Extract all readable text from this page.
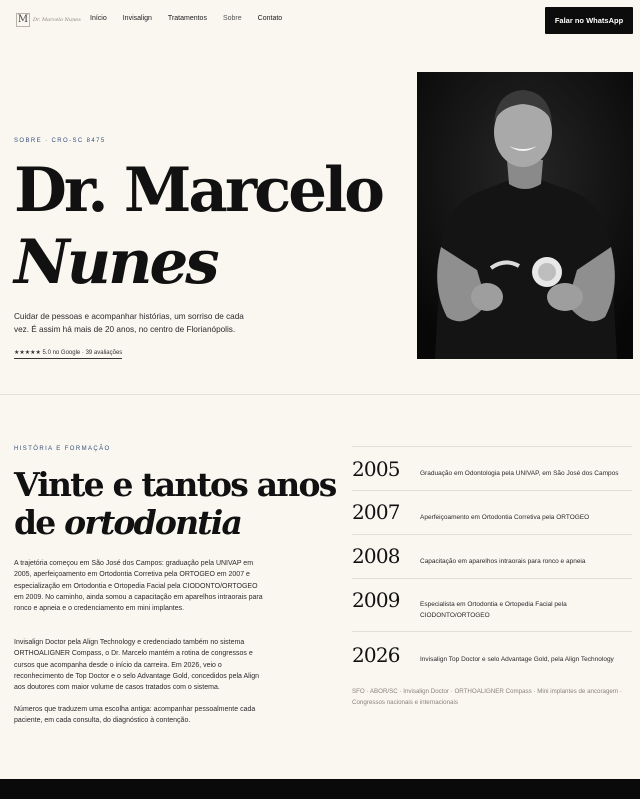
M Dr. Marcelo Nunes Início Invisalign Tratamentos Sobre Contato	Falar no WhatsApp
SOBRE · CRO-SC 8475
Dr. Marcelo
Nunes

Cuidar de pessoas e acompanhar histórias, um sorriso de cada vez. É assim há mais de 20 anos, no centro de Florianópolis.

★★★★★ 5.0 no Google · 39 avaliações
HISTÓRIA E FORMAÇÃO
Vinte e tantos anos
de ortodontia

A trajetória começou em São José dos Campos: graduação pela UNIVAP em 2005, aperfeiçoamento em Ortodontia Corretiva pela ORTOGEO em 2007 e especialização em Ortodontia e Ortopedia Facial pela CIODONTO/ORTOGEO em 2009. No caminho, ainda somou a capacitação em aparelhos intraorais para ronco e apneia e o credenciamento em mini implantes.

Invisalign Doctor pela Align Technology e credenciado também no sistema ORTHOALIGNER Compass, o Dr. Marcelo mantém a rotina de congressos e cursos que acompanha desde o início da carreira. Em 2026, veio o reconhecimento de Top Doctor e o selo Advantage Gold, concedidos pela Align aos doutores com maior volume de casos tratados com o sistema.

Números que traduzem uma escolha antiga: acompanhar pessoalmente cada paciente, em cada consulta, do diagnóstico à contenção.

2005	Graduação em Odontologia pela UNIVAP, em São José dos Campos
2007	Aperfeiçoamento em Ortodontia Corretiva pela ORTOGEO
2008	Capacitação em aparelhos intraorais para ronco e apneia
2009	Especialista em Ortodontia e Ortopedia Facial pela CIODONTO/ORTOGEO
2026	Invisalign Top Doctor e selo Advantage Gold, pela Align Technology
SFO · ABOR/SC · Invisalign Doctor · ORTHOALIGNER Compass · Mini implantes de ancoragem · Congressos nacionais e internacionais
